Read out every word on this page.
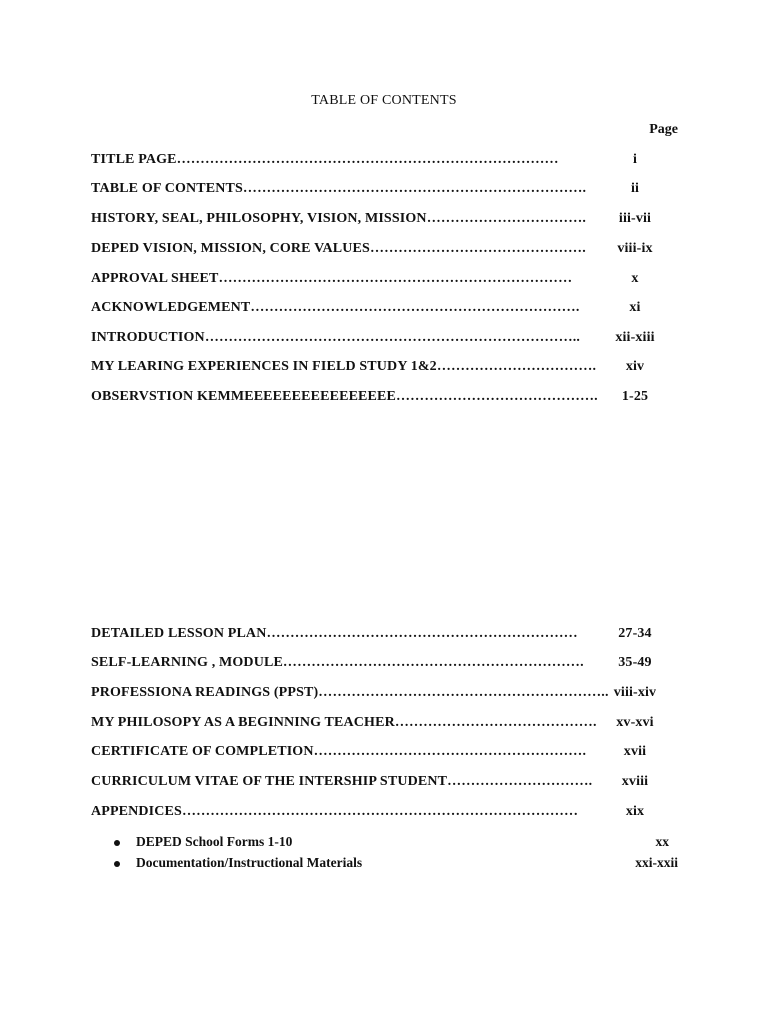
TABLE OF CONTENTS
Page
TITLE PAGE………………………………………………………………………	i
TABLE OF CONTENTS……………………………………………………………….	ii
HISTORY, SEAL, PHILOSOPHY, VISION, MISSION…………………………….	iii-vii
DEPED VISION, MISSION, CORE VALUES……………………………………….	viii-ix
APPROVAL SHEET…………………………………………………………………	x
ACKNOWLEDGEMENT…………………………………………………………….	xi
INTRODUCTION……………………………………………………………………..	xii-xiii
MY LEARING EXPERIENCES IN FIELD STUDY 1&2…………………………….	xiv
OBSERVSTION KEMMEEEEEEEEEEEEEEEE…………………………………….	1-25
DETAILED LESSON PLAN…………………………………………………………	27-34
SELF-LEARNING , MODULE……………………………………………………….	35-49
PROFESSIONA READINGS (PPST)…………………………………………………….. viii-xiv
MY PHILOSOPY AS A BEGINNING TEACHER…………………………………….	xv-xvi
CERTIFICATE OF COMPLETION………………………………………………….	xvii
CURRICULUM VITAE OF THE INTERSHIP STUDENT………………………….	xviii
APPENDICES…………………………………………………………………………	xix
DEPED School Forms 1-10	xx
Documentation/Instructional Materials	xxi-xxii
